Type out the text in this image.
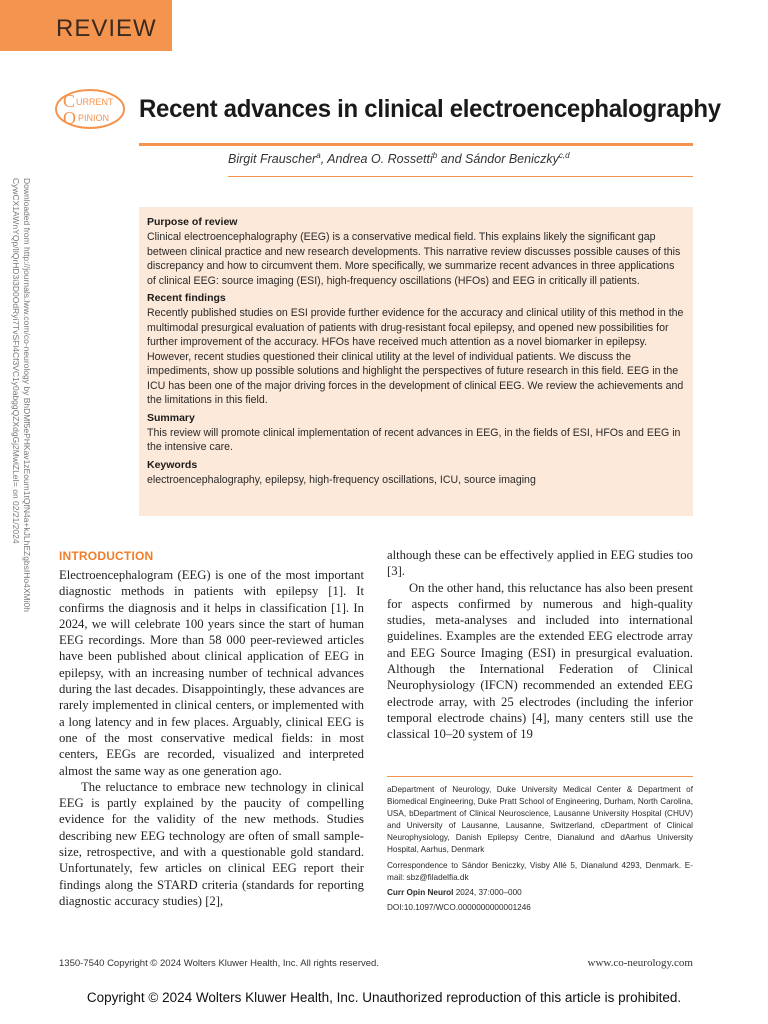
REVIEW
C URRENT
O PINION Recent advances in clinical electroencephalography
Birgit Frauscher$^a$, Andrea O. Rossetti$^b$ and Sándor Beniczky$^{c,d}$
Downloaded from http://journals.lww.com/co-neurology by BhDMf5ePHKav1zEoum1tQfN4a+kJLhEZgbsIHo4XMi0h
CywCX1AWnYQp/IlQrHD3i3D0OdRyi7TvSFl4Cf3VC1y0abggQZXdgGj2MwlZLeI= on 02/21/2024	Purpose of review
Clinical electroencephalography (EEG) is a conservative medical field. This explains likely the significant gap between clinical practice and new research developments. This narrative review discusses possible causes of this discrepancy and how to circumvent them. More specifically, we summarize recent advances in three applications of clinical EEG: source imaging (ESI), high-frequency oscillations (HFOs) and EEG in critically ill patients.
Recent findings
Recently published studies on ESI provide further evidence for the accuracy and clinical utility of this method in the multimodal presurgical evaluation of patients with drug-resistant focal epilepsy, and opened new possibilities for further improvement of the accuracy. HFOs have received much attention as a novel biomarker in epilepsy. However, recent studies questioned their clinical utility at the level of individual patients. We discuss the impediments, show up possible solutions and highlight the perspectives of future research in this field. EEG in the ICU has been one of the major driving forces in the development of clinical EEG. We review the achievements and the limitations in this field.
Summary
This review will promote clinical implementation of recent advances in EEG, in the fields of ESI, HFOs and EEG in the intensive care.
Keywords
electroencephalography, epilepsy, high-frequency oscillations, ICU, source imaging
INTRODUCTION

Electroencephalogram (EEG) is one of the most important diagnostic methods in patients with epilepsy [1]. It confirms the diagnosis and it helps in classification [1]. In 2024, we will celebrate 100 years since the start of human EEG recordings. More than 58 000 peer-reviewed articles have been published about clinical application of EEG in epilepsy, with an increasing number of technical advances during the last decades. Disappointingly, these advances are rarely implemented in clinical centers, or implemented with a long latency and in few places. Arguably, clinical EEG is one of the most conservative medical fields: in most centers, EEGs are recorded, visualized and interpreted almost the same way as one generation ago.

The reluctance to embrace new technology in clinical EEG is partly explained by the paucity of compelling evidence for the validity of the new methods. Studies describing new EEG technology are often of small sample-size, retrospective, and with a questionable gold standard. Unfortunately, few articles on clinical EEG report their findings along the STARD criteria (standards for reporting diagnostic accuracy studies) [2],

although these can be effectively applied in EEG studies too [3].

On the other hand, this reluctance has also been present for aspects confirmed by numerous and high-quality studies, meta-analyses and included into international guidelines. Examples are the extended EEG electrode array and EEG Source Imaging (ESI) in presurgical evaluation. Although the International Federation of Clinical Neurophysiology (IFCN) recommended an extended EEG electrode array, with 25 electrodes (including the inferior temporal electrode chains) [4], many centers still use the classical 10–20 system of 19

aDepartment of Neurology, Duke University Medical Center & Department of Biomedical Engineering, Duke Pratt School of Engineering, Durham, North Carolina, USA, bDepartment of Clinical Neuroscience, Lausanne University Hospital (CHUV) and University of Lausanne, Lausanne, Switzerland, cDepartment of Clinical Neurophysiology, Danish Epilepsy Centre, Dianalund and dAarhus University Hospital, Aarhus, Denmark

Correspondence to Sándor Beniczky, Visby Allé 5, Dianalund 4293, Denmark. E-mail: sbz@filadelfia.dk

Curr Opin Neurol 2024, 37:000–000

DOI:10.1097/WCO.0000000000001246

1350-7540 Copyright © 2024 Wolters Kluwer Health, Inc. All rights reserved.	www.co-neurology.com
Copyright © 2024 Wolters Kluwer Health, Inc. Unauthorized reproduction of this article is prohibited.
